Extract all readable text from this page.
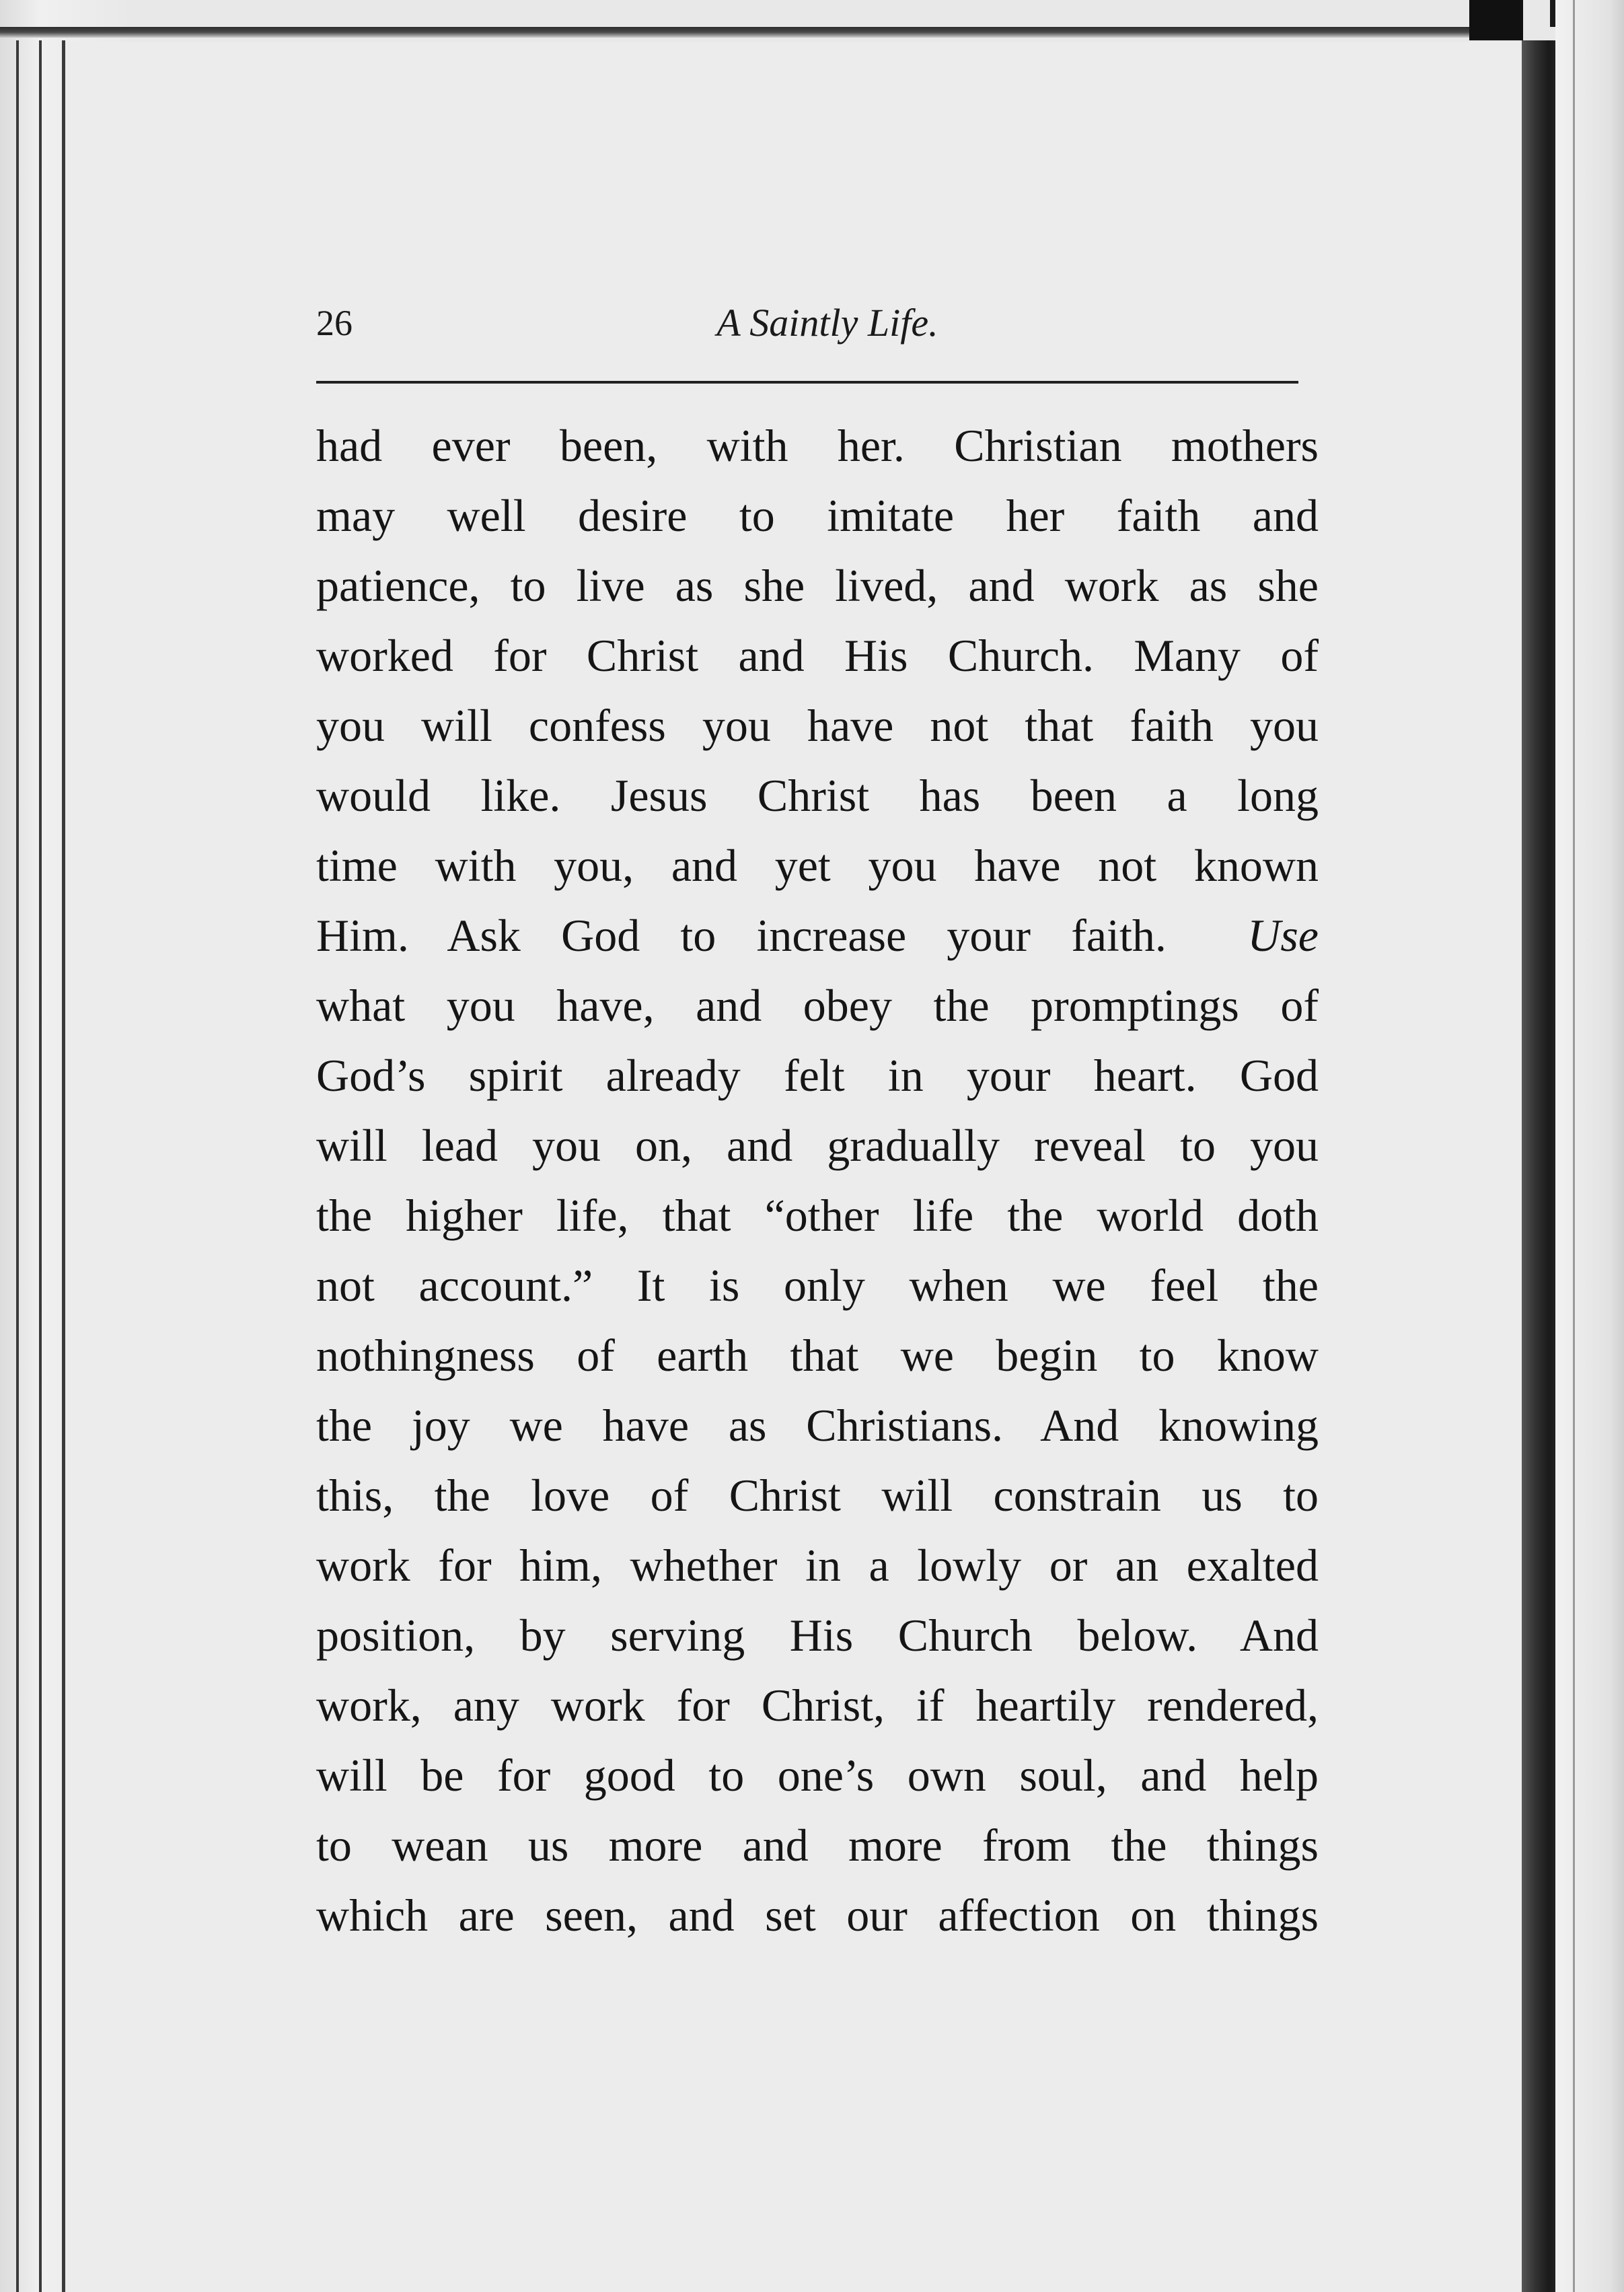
26	A Saintly Life.
had ever been, with her. Christian mothers
may well desire to imitate her faith and
patience, to live as she lived, and work as she
worked for Christ and His Church. Many of
you will confess you have not that faith you
would like. Jesus Christ has been a long
time with you, and yet you have not known
Him. Ask God to increase your faith. Use
what you have, and obey the promptings of
God’s spirit already felt in your heart. God
will lead you on, and gradually reveal to you
the higher life, that “other life the world doth
not account.” It is only when we feel the
nothingness of earth that we begin to know
the joy we have as Christians. And knowing
this, the love of Christ will constrain us to
work for him, whether in a lowly or an exalted
position, by serving His Church below. And
work, any work for Christ, if heartily rendered,
will be for good to one’s own soul, and help
to wean us more and more from the things
which are seen, and set our affection on things
